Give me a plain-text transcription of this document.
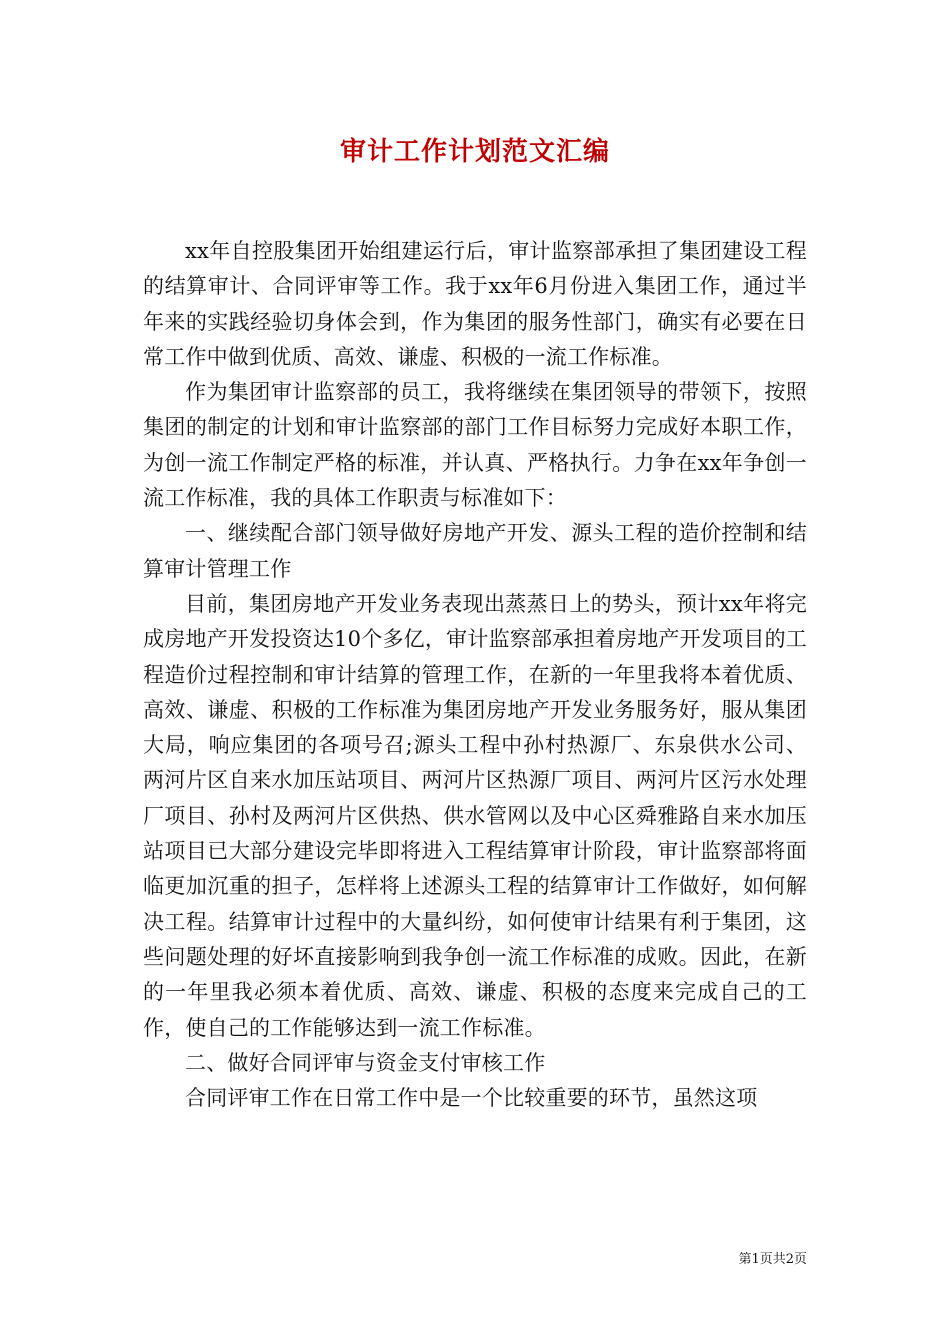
审计工作计划范文汇编

xx年自控股集团开始组建运行后，审计监察部承担了集团建设工程的结算审计、合同评审等工作。我于xx年6月份进入集团工作，通过半年来的实践经验切身体会到，作为集团的服务性部门，确实有必要在日常工作中做到优质、高效、谦虚、积极的一流工作标准。

作为集团审计监察部的员工，我将继续在集团领导的带领下，按照集团的制定的计划和审计监察部的部门工作目标努力完成好本职工作，为创一流工作制定严格的标准，并认真、严格执行。力争在xx年争创一流工作标准，我的具体工作职责与标准如下：

一、继续配合部门领导做好房地产开发、源头工程的造价控制和结算审计管理工作

目前，集团房地产开发业务表现出蒸蒸日上的势头，预计xx年将完成房地产开发投资达10个多亿，审计监察部承担着房地产开发项目的工程造价过程控制和审计结算的管理工作，在新的一年里我将本着优质、高效、谦虚、积极的工作标准为集团房地产开发业务服务好，服从集团大局，响应集团的各项号召;源头工程中孙村热源厂、东泉供水公司、两河片区自来水加压站项目、两河片区热源厂项目、两河片区污水处理厂项目、孙村及两河片区供热、供水管网以及中心区舜雅路自来水加压站项目已大部分建设完毕即将进入工程结算审计阶段，审计监察部将面临更加沉重的担子，怎样将上述源头工程的结算审计工作做好，如何解决工程。结算审计过程中的大量纠纷，如何使审计结果有利于集团，这些问题处理的好坏直接影响到我争创一流工作标准的成败。因此，在新的一年里我必须本着优质、高效、谦虚、积极的态度来完成自己的工作，使自己的工作能够达到一流工作标准。

二、做好合同评审与资金支付审核工作

合同评审工作在日常工作中是一个比较重要的环节，虽然这项

第1页共2页
